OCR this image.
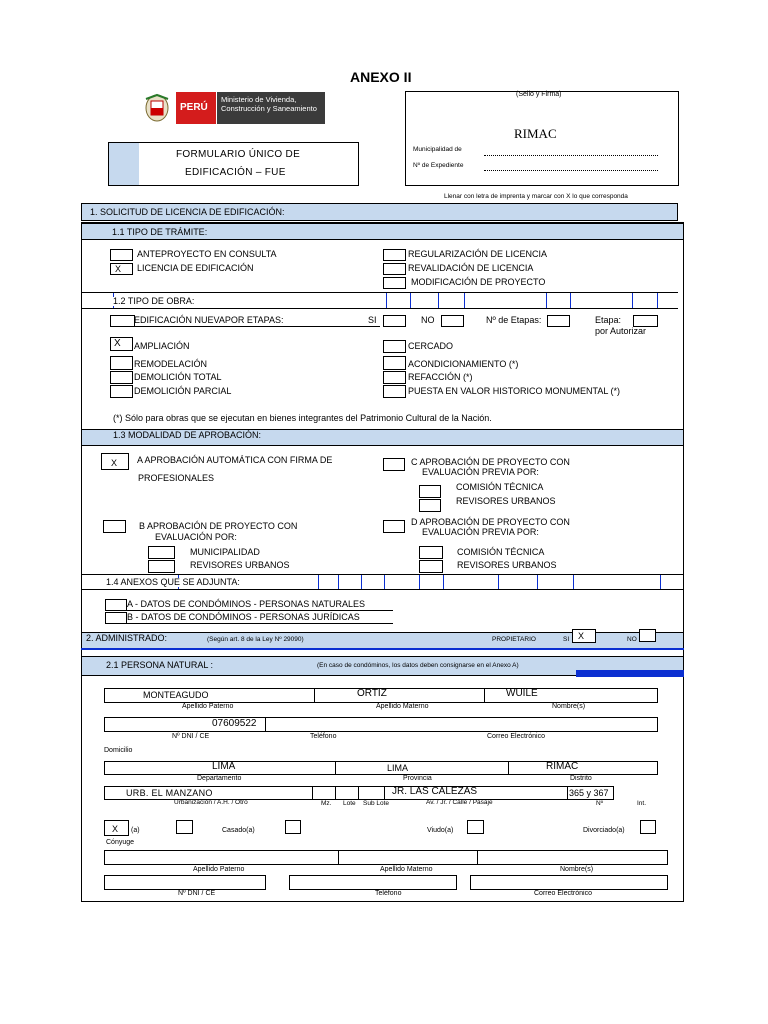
ANEXO II
PERÚ
Ministerio de Vivienda, Construcción y Saneamiento
(Sello y Firma)
RIMAC
Municipalidad de
Nº de Expediente
FORMULARIO ÚNICO DE
EDIFICACIÓN – FUE
Llenar con letra de imprenta y marcar con X lo que corresponda
1. SOLICITUD DE LICENCIA DE EDIFICACIÓN:
1.1 TIPO DE TRÁMITE:
ANTEPROYECTO EN CONSULTA
X LICENCIA DE EDIFICACIÓN
REGULARIZACIÓN DE LICENCIA
REVALIDACIÓN DE LICENCIA
MODIFICACIÓN DE PROYECTO
1.2 TIPO DE OBRA:
EDIFICACIÓN NUEVAPOR ETAPAS:	SI	NO	Nº de Etapas:	Etapa:
por Autorizar
X AMPLIACIÓN
REMODELACIÓN
DEMOLICIÓN TOTAL
DEMOLICIÓN PARCIAL
CERCADO
ACONDICIONAMIENTO (*)
REFACCIÓN (*)
PUESTA EN VALOR HISTORICO MONUMENTAL (*)
(*) Sólo para obras que se ejecutan en bienes integrantes del Patrimonio Cultural de la Nación.
1.3 MODALIDAD DE APROBACIÓN:
X A APROBACIÓN AUTOMÁTICA CON FIRMA DE
PROFESIONALES
C APROBACIÓN DE PROYECTO CON
EVALUACIÓN PREVIA POR:
COMISIÓN TÉCNICA
REVISORES URBANOS
B APROBACIÓN DE PROYECTO CON
EVALUACIÓN POR:
MUNICIPALIDAD
REVISORES URBANOS
D APROBACIÓN DE PROYECTO CON
EVALUACIÓN PREVIA POR:
COMISIÓN TÉCNICA
REVISORES URBANOS
1.4 ANEXOS QUE SE ADJUNTA:
A - DATOS DE CONDÓMINOS - PERSONAS NATURALES
B - DATOS DE CONDÓMINOS - PERSONAS JURÍDICAS
2. ADMINISTRADO:	(Según art. 8 de la Ley Nº 29090)	PROPIETARIO	SI X	NO
2.1 PERSONA NATURAL :	(En caso de condóminos, los datos deben consignarse en el Anexo A)
MONTEAGUDO	ORTIZ	WUILE
Apellido Paterno	Apellido Materno	Nombre(s)
07609522
Nº DNI / CE	Teléfono	Correo Electrónico
Domicilio
LIMA	LIMA	RIMAC
Departamento	Provincia	Distrito
URB. EL MANZANO	JR. LAS CALEZAS	365 y 367
Urbanización / A.H. / Otro	Mz. Lote Sub Lote	Av. / Jr. / Calle / Pasaje	Nº	Int.
X (a)	Casado(a)	Viudo(a)	Divorciado(a)
Cónyuge
Apellido Paterno	Apellido Materno	Nombre(s)
Nº DNI / CE	Teléfono	Correo Electrónico
